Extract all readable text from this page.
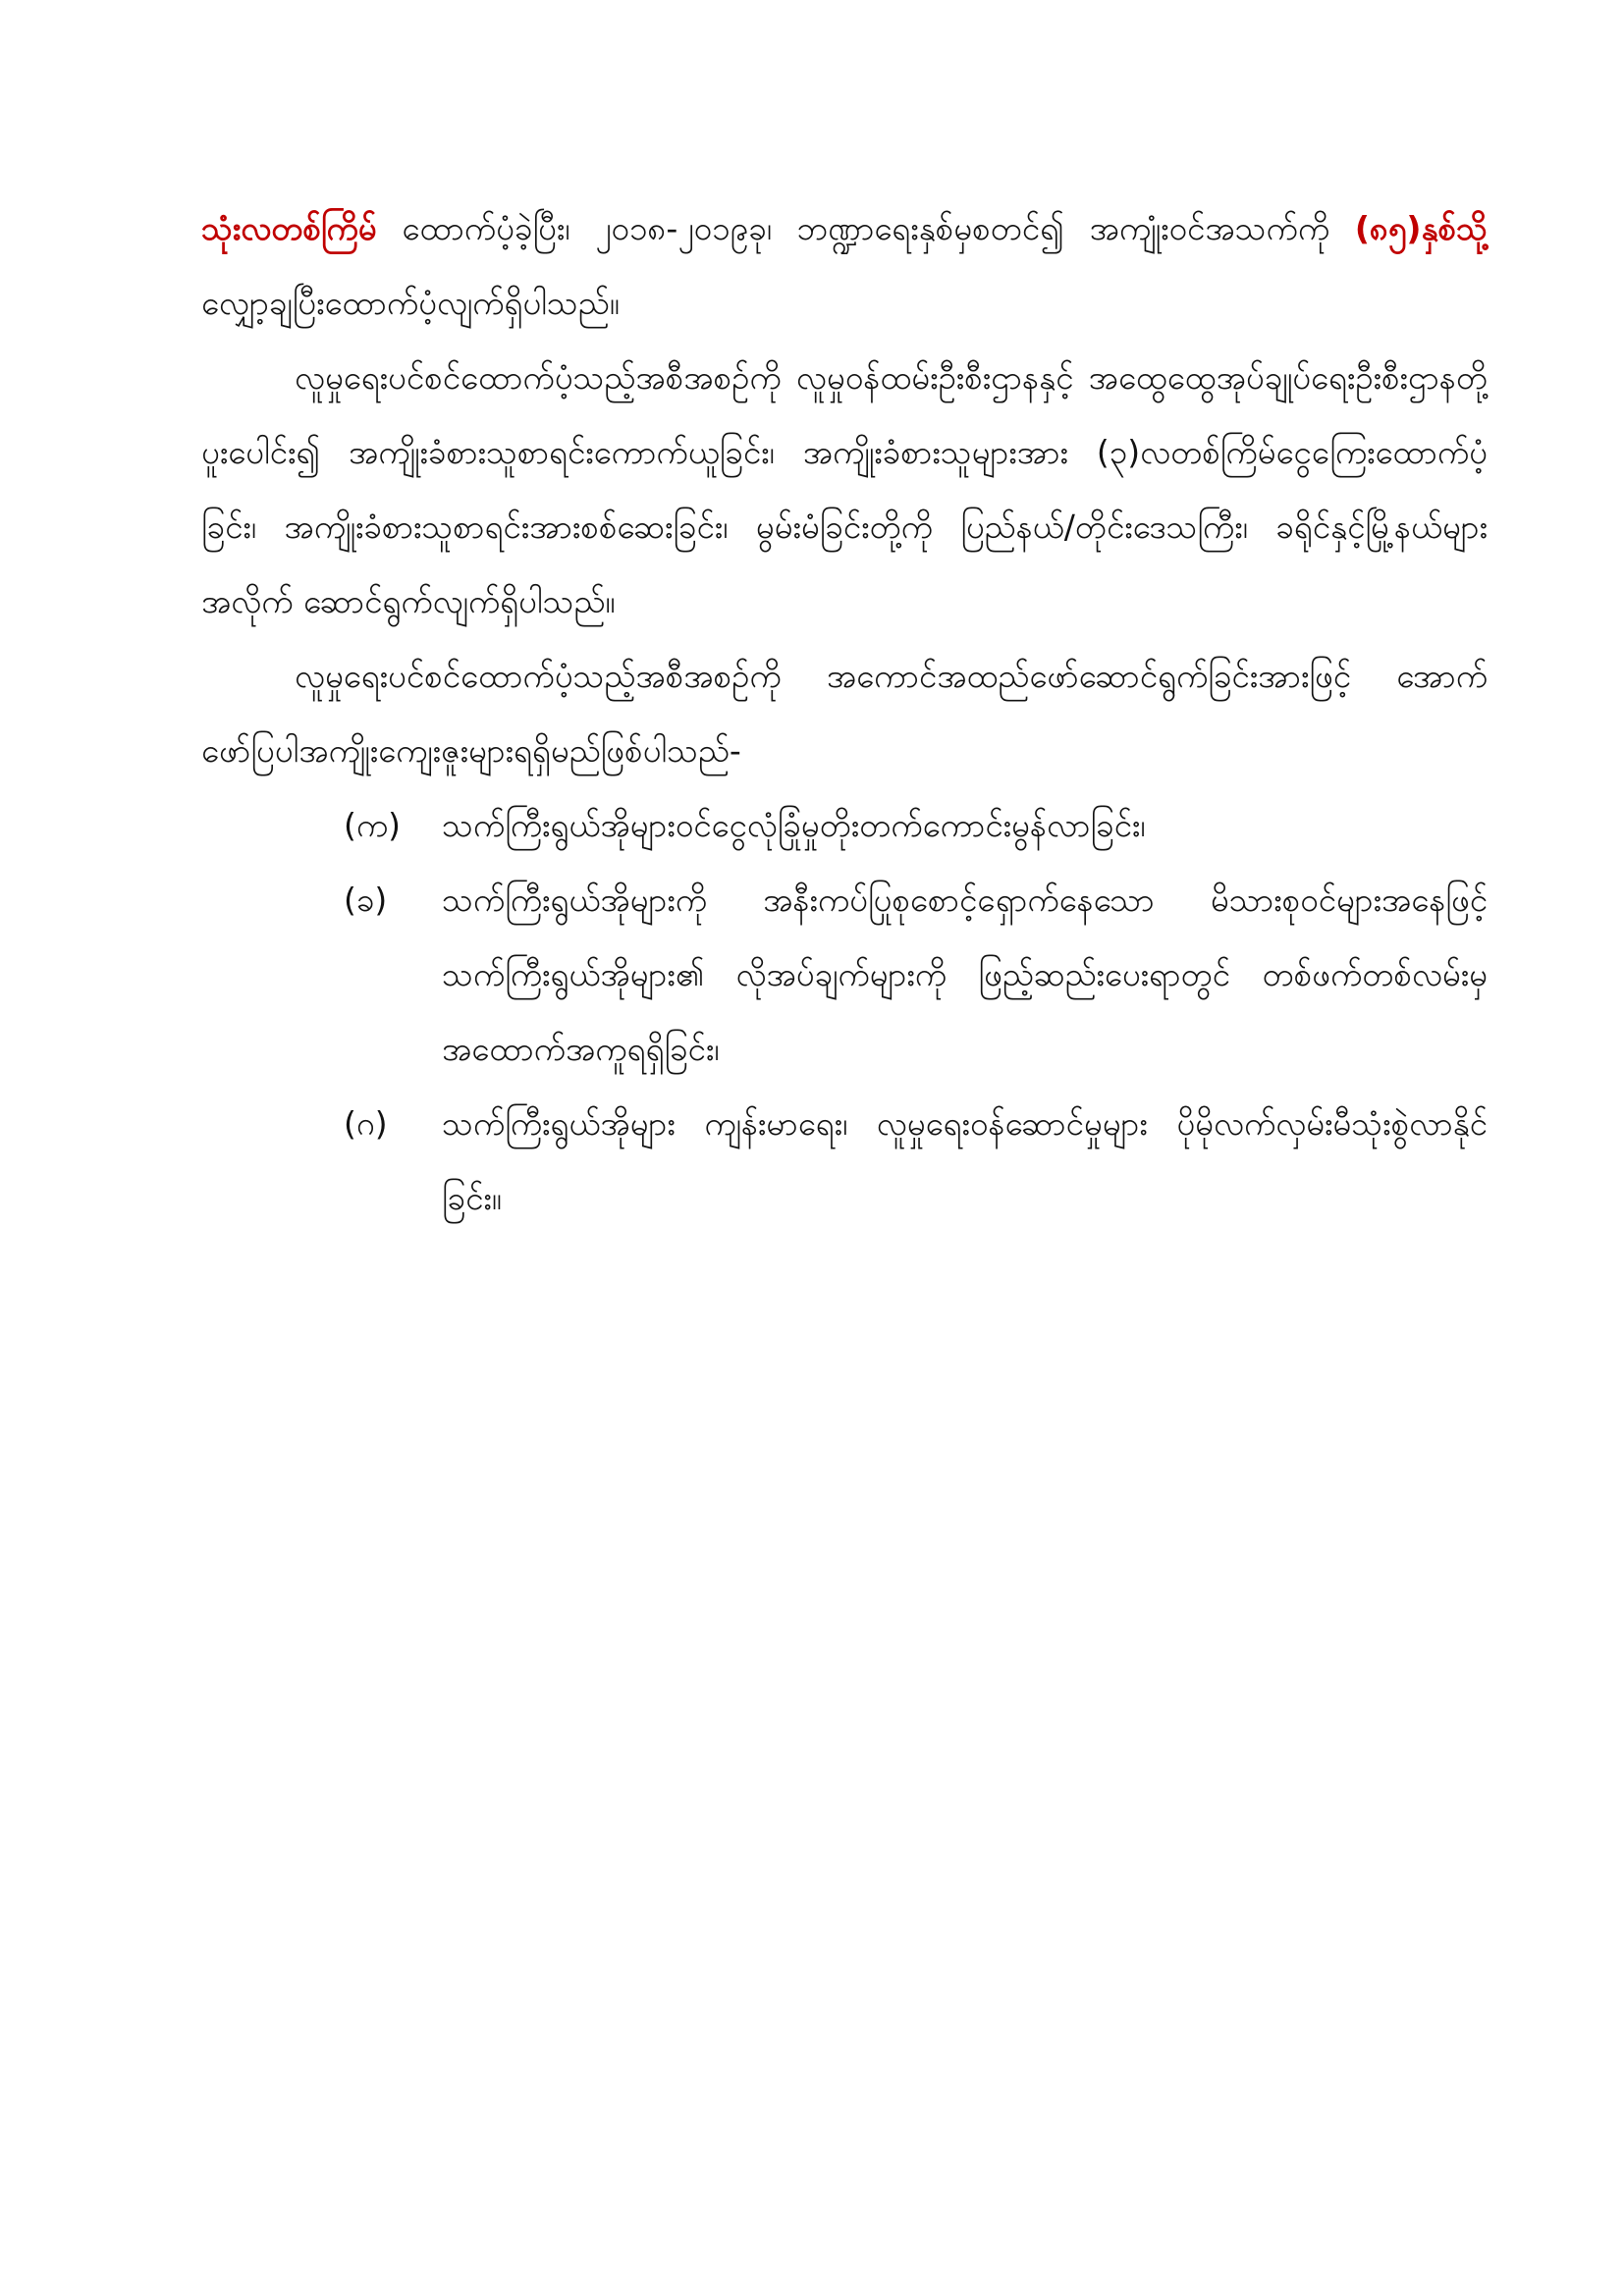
သုံးလတစ်ကြိမ် ထောက်ပံ့ခဲ့ပြီး၊ ၂၀၁၈-၂၀၁၉ခု၊ ဘဏ္ဍာရေးနှစ်မှစတင်၍ အကျုံးဝင်အသက်ကို (၈၅)နှစ်သို့ လျှော့ချပြီးထောက်ပံ့လျက်ရှိပါသည်။

လူမှုရေးပင်စင်ထောက်ပံ့သည့်အစီအစဉ်ကို လူမှုဝန်ထမ်းဦးစီးဌာနနှင့် အထွေထွေအုပ်ချုပ်ရေးဦးစီးဌာနတို့ပူးပေါင်း၍ အကျိုးခံစားသူစာရင်းကောက်ယူခြင်း၊ အကျိုးခံစားသူများအား (၃)လတစ်ကြိမ်ငွေကြေးထောက်ပံ့ခြင်း၊ အကျိုးခံစားသူစာရင်းအားစစ်ဆေးခြင်း၊ မွမ်းမံခြင်းတို့ကို ပြည်နယ်/တိုင်းဒေသကြီး၊ ခရိုင်နှင့်မြို့နယ်များအလိုက် ဆောင်ရွက်လျက်ရှိပါသည်။

လူမှုရေးပင်စင်ထောက်ပံ့သည့်အစီအစဉ်ကို အကောင်အထည်ဖော်ဆောင်ရွက်ခြင်းအားဖြင့် အောက်ဖော်ပြပါအကျိုးကျေးဇူးများရရှိမည်ဖြစ်ပါသည်-

(က)	သက်ကြီးရွယ်အိုများဝင်ငွေလုံခြုံမှုတိုးတက်ကောင်းမွန်လာခြင်း၊
(ခ)	သက်ကြီးရွယ်အိုများကို အနီးကပ်ပြုစုစောင့်ရှောက်နေသော မိသားစုဝင်များအနေဖြင့် သက်ကြီးရွယ်အိုများ၏ လိုအပ်ချက်များကို ဖြည့်ဆည်းပေးရာတွင် တစ်ဖက်တစ်လမ်းမှအထောက်အကူရရှိခြင်း၊
(ဂ)	သက်ကြီးရွယ်အိုများ ကျန်းမာရေး၊ လူမှုရေးဝန်ဆောင်မှုများ ပိုမိုလက်လှမ်းမီသုံးစွဲလာနိုင်ခြင်း။
